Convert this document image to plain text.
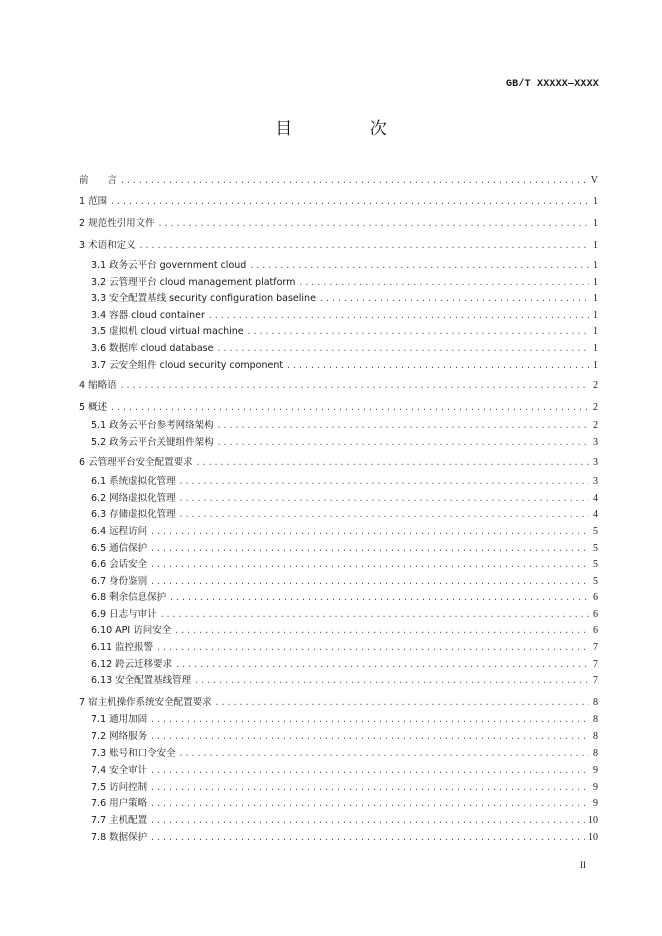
GB/T XXXXX—XXXX
目 次
前　　言 .....	V
1 范围 .....	1
2 规范性引用文件 .....	1
3 术语和定义 .....	1
3.1 政务云平台 government cloud .....	1
3.2 云管理平台 cloud management platform .....	1
3.3 安全配置基线 security configuration baseline .....	1
3.4 容器 cloud container .....	1
3.5 虚拟机 cloud virtual machine .....	1
3.6 数据库 cloud database .....	1
3.7 云安全组件 cloud security component .....	1
4 缩略语 .....	2
5 概述 .....	2
5.1 政务云平台参考网络架构 .....	2
5.2 政务云平台关键组件架构 .....	3
6 云管理平台安全配置要求 .....	3
6.1 系统虚拟化管理 .....	3
6.2 网络虚拟化管理 .....	4
6.3 存储虚拟化管理 .....	4
6.4 远程访问 .....	5
6.5 通信保护 .....	5
6.6 会话安全 .....	5
6.7 身份鉴别 .....	5
6.8 剩余信息保护 .....	6
6.9 日志与审计 .....	6
6.10 API 访问安全 .....	6
6.11 监控报警 .....	7
6.12 跨云迁移要求 .....	7
6.13 安全配置基线管理 .....	7
7 宿主机操作系统安全配置要求 .....	8
7.1 通用加固 .....	8
7.2 网络服务 .....	8
7.3 账号和口令安全 .....	8
7.4 安全审计 .....	9
7.5 访问控制 .....	9
7.6 用户策略 .....	9
7.7 主机配置 .....	10
7.8 数据保护 .....	10
II
